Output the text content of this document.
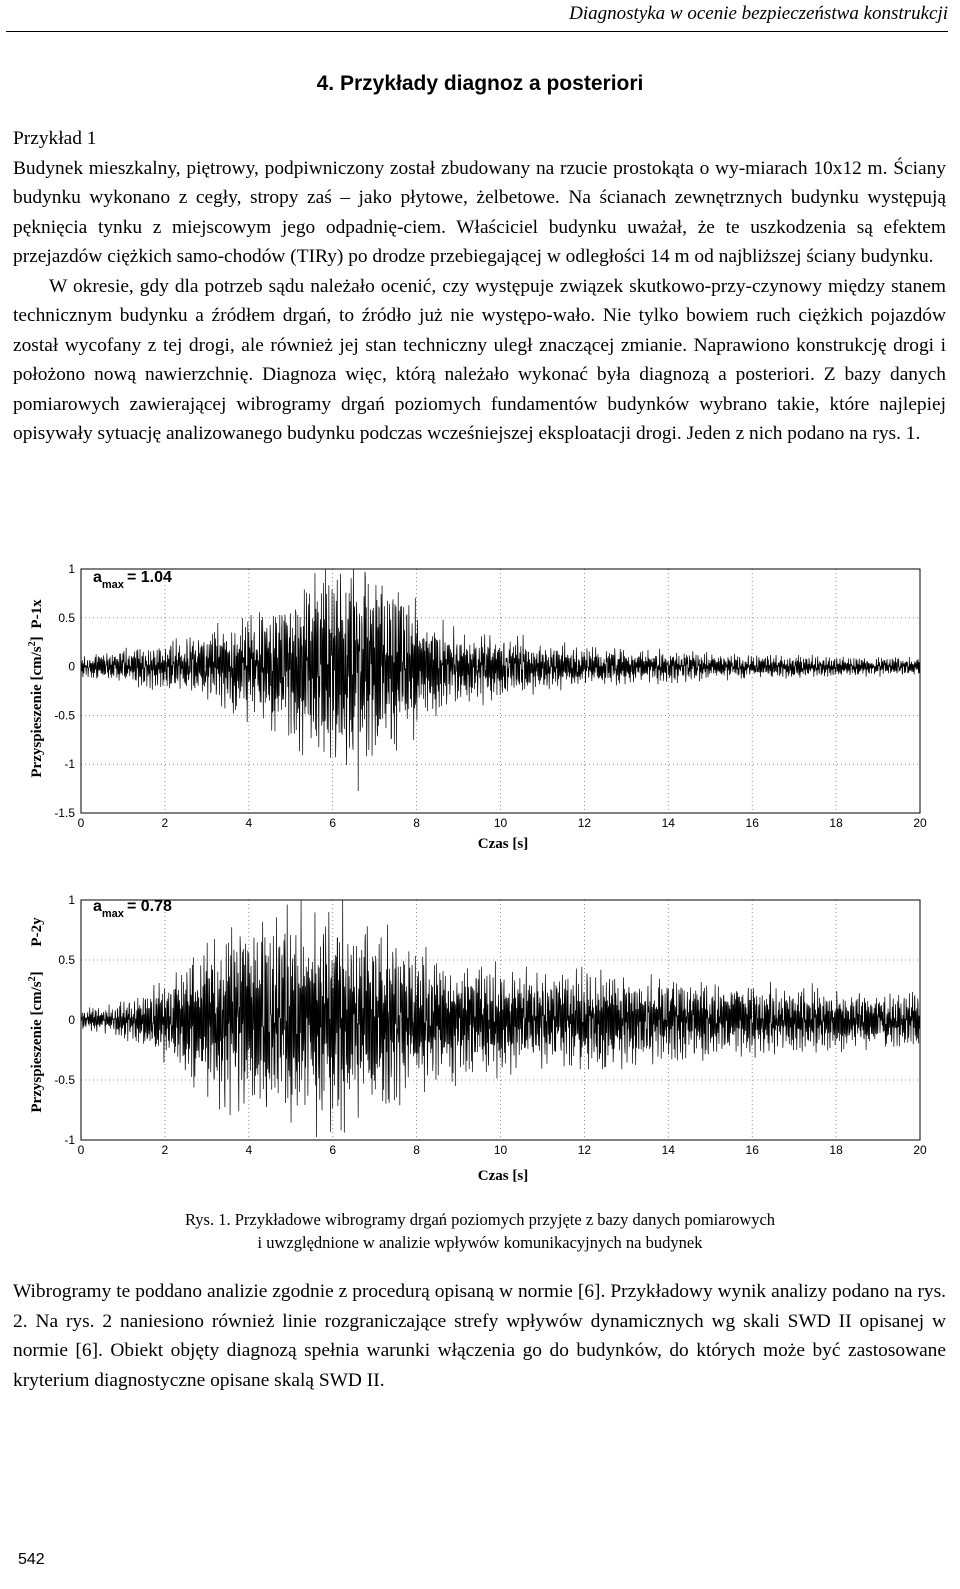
Diagnostyka w ocenie bezpieczeństwa konstrukcji
4. Przykłady diagnoz a posteriori

Przykład 1

Budynek mieszkalny, piętrowy, podpiwniczony został zbudowany na rzucie prostokąta o wy-miarach 10x12 m. Ściany budynku wykonano z cegły, stropy zaś – jako płytowe, żelbetowe. Na ścianach zewnętrznych budynku występują pęknięcia tynku z miejscowym jego odpadnię-ciem. Właściciel budynku uważał, że te uszkodzenia są efektem przejazdów ciężkich samo-chodów (TIRy) po drodze przebiegającej w odległości 14 m od najbliższej ściany budynku.

W okresie, gdy dla potrzeb sądu należało ocenić, czy występuje związek skutkowo-przy-czynowy między stanem technicznym budynku a źródłem drgań, to źródło już nie występo-wało. Nie tylko bowiem ruch ciężkich pojazdów został wycofany z tej drogi, ale również jej stan techniczny uległ znaczącej zmianie. Naprawiono konstrukcję drogi i położono nową nawierzchnię. Diagnoza więc, którą należało wykonać była diagnozą a posteriori. Z bazy danych pomiarowych zawierającej wibrogramy drgań poziomych fundamentów budynków wybrano takie, które najlepiej opisywały sytuację analizowanego budynku podczas wcześniejszej eksploatacji drogi. Jeden z nich podano na rys. 1.

Przyspieszenie $[cm/s^2]$
P-1x
0	2	4	6	8	10	12	14	16	18	20
-1.5
-1
-0.5
0
0.5
1
Czas [s]
$a_{max} = 1.04$
Przyspieszenie $[cm/s^2]$
P-2y
0	2	4	6	8	10	12	14	16	18	20
-1
-0.5
0
0.5
1
Czas [s]
$a_{max} = 0.78$
Rys. 1. Przykładowe wibrogramy drgań poziomych przyjęte z bazy danych pomiarowych
i uwzględnione w analizie wpływów komunikacyjnych na budynek

Wibrogramy te poddano analizie zgodnie z procedurą opisaną w normie [6]. Przykładowy wynik analizy podano na rys. 2. Na rys. 2 naniesiono również linie rozgraniczające strefy wpływów dynamicznych wg skali SWD II opisanej w normie [6]. Obiekt objęty diagnozą spełnia warunki włączenia go do budynków, do których może być zastosowane kryterium diagnostyczne opisane skalą SWD II.

542
